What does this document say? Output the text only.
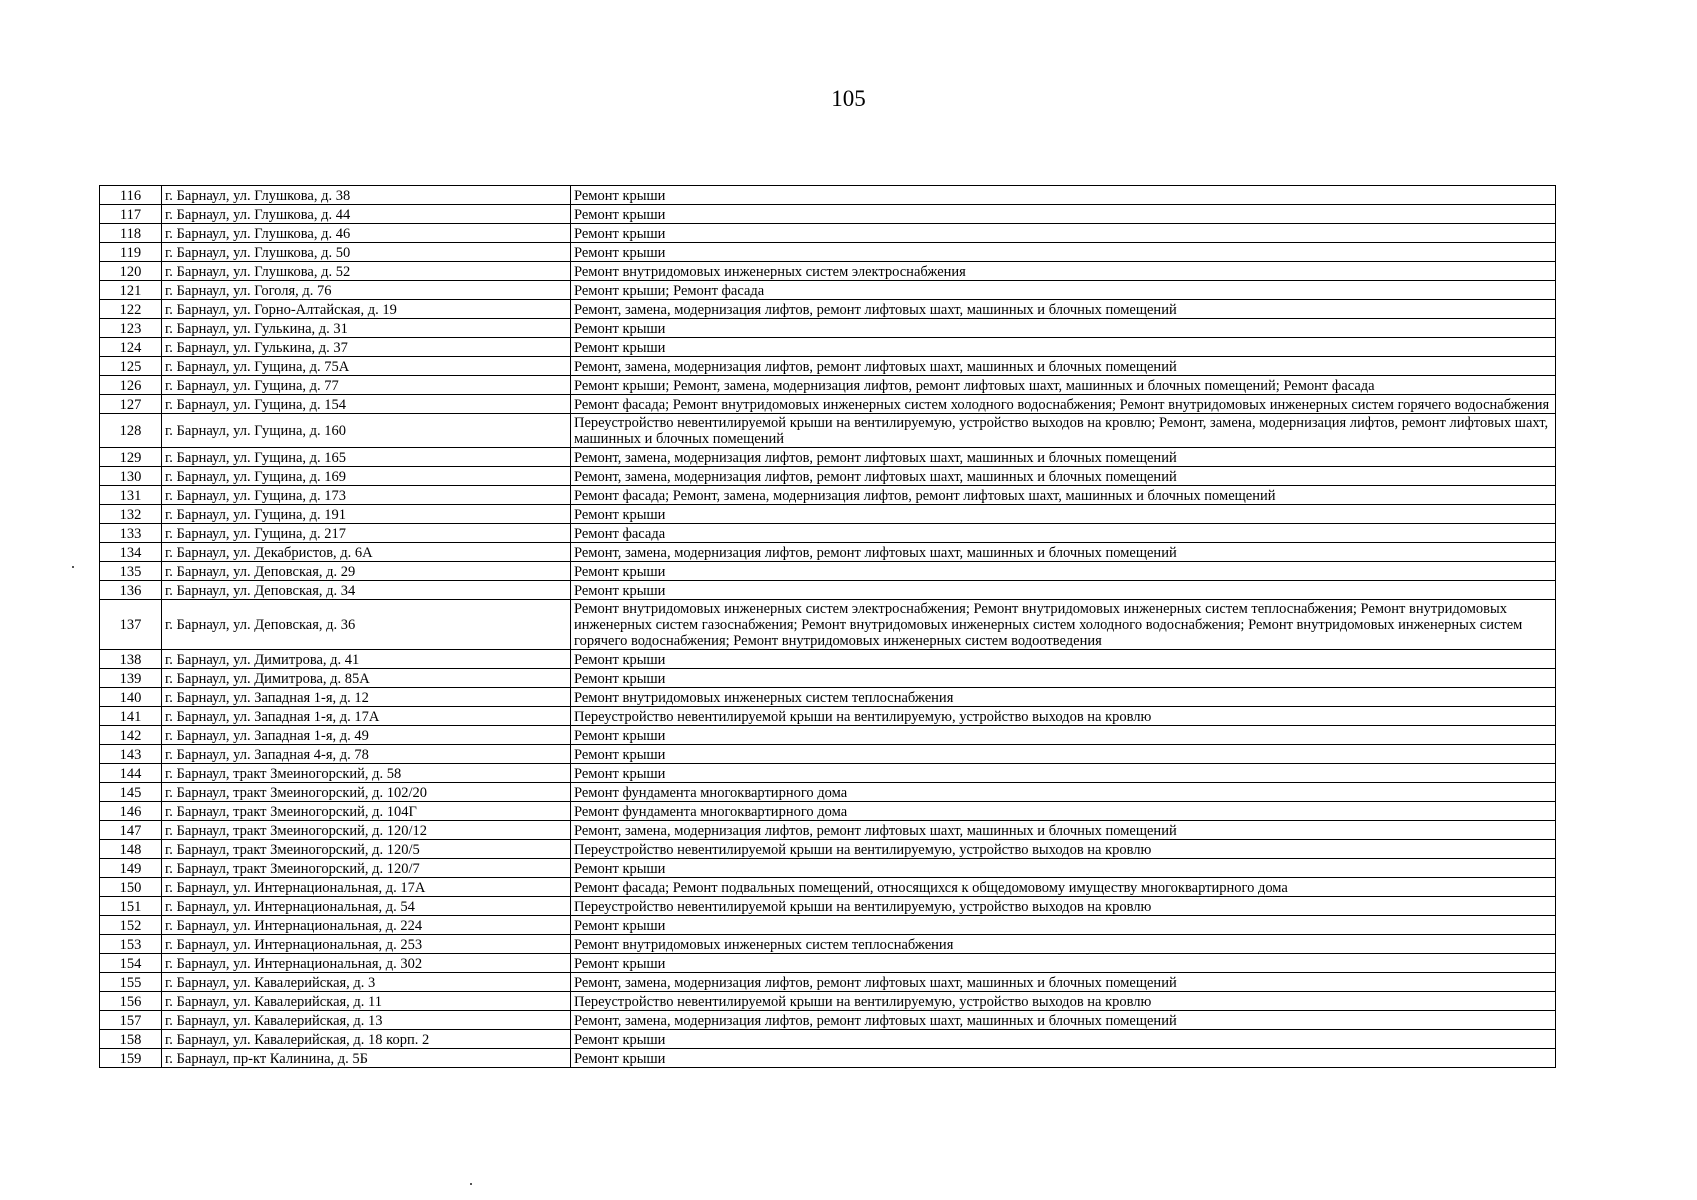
105
116	г. Барнаул, ул. Глушкова, д. 38	Ремонт крыши
117	г. Барнаул, ул. Глушкова, д. 44	Ремонт крыши
118	г. Барнаул, ул. Глушкова, д. 46	Ремонт крыши
119	г. Барнаул, ул. Глушкова, д. 50	Ремонт крыши
120	г. Барнаул, ул. Глушкова, д. 52	Ремонт внутридомовых инженерных систем электроснабжения
121	г. Барнаул, ул. Гоголя, д. 76	Ремонт крыши; Ремонт фасада
122	г. Барнаул, ул. Горно-Алтайская, д. 19	Ремонт, замена, модернизация лифтов, ремонт лифтовых шахт, машинных и блочных помещений
123	г. Барнаул, ул. Гулькина, д. 31	Ремонт крыши
124	г. Барнаул, ул. Гулькина, д. 37	Ремонт крыши
125	г. Барнаул, ул. Гущина, д. 75А	Ремонт, замена, модернизация лифтов, ремонт лифтовых шахт, машинных и блочных помещений
126	г. Барнаул, ул. Гущина, д. 77	Ремонт крыши; Ремонт, замена, модернизация лифтов, ремонт лифтовых шахт, машинных и блочных помещений; Ремонт фасада
127	г. Барнаул, ул. Гущина, д. 154	Ремонт фасада; Ремонт внутридомовых инженерных систем холодного водоснабжения; Ремонт внутридомовых инженерных систем горячего водоснабжения
128	г. Барнаул, ул. Гущина, д. 160	Переустройство невентилируемой крыши на вентилируемую, устройство выходов на кровлю; Ремонт, замена, модернизация лифтов, ремонт лифтовых шахт, машинных и блочных помещений
129	г. Барнаул, ул. Гущина, д. 165	Ремонт, замена, модернизация лифтов, ремонт лифтовых шахт, машинных и блочных помещений
130	г. Барнаул, ул. Гущина, д. 169	Ремонт, замена, модернизация лифтов, ремонт лифтовых шахт, машинных и блочных помещений
131	г. Барнаул, ул. Гущина, д. 173	Ремонт фасада; Ремонт, замена, модернизация лифтов, ремонт лифтовых шахт, машинных и блочных помещений
132	г. Барнаул, ул. Гущина, д. 191	Ремонт крыши
133	г. Барнаул, ул. Гущина, д. 217	Ремонт фасада
134	г. Барнаул, ул. Декабристов, д. 6А	Ремонт, замена, модернизация лифтов, ремонт лифтовых шахт, машинных и блочных помещений
135	г. Барнаул, ул. Деповская, д. 29	Ремонт крыши
136	г. Барнаул, ул. Деповская, д. 34	Ремонт крыши
137	г. Барнаул, ул. Деповская, д. 36	Ремонт внутридомовых инженерных систем электроснабжения; Ремонт внутридомовых инженерных систем теплоснабжения; Ремонт внутридомовых инженерных систем газоснабжения; Ремонт внутридомовых инженерных систем холодного водоснабжения; Ремонт внутридомовых инженерных систем горячего водоснабжения; Ремонт внутридомовых инженерных систем водоотведения
138	г. Барнаул, ул. Димитрова, д. 41	Ремонт крыши
139	г. Барнаул, ул. Димитрова, д. 85А	Ремонт крыши
140	г. Барнаул, ул. Западная 1-я, д. 12	Ремонт внутридомовых инженерных систем теплоснабжения
141	г. Барнаул, ул. Западная 1-я, д. 17А	Переустройство невентилируемой крыши на вентилируемую, устройство выходов на кровлю
142	г. Барнаул, ул. Западная 1-я, д. 49	Ремонт крыши
143	г. Барнаул, ул. Западная 4-я, д. 78	Ремонт крыши
144	г. Барнаул, тракт Змеиногорский, д. 58	Ремонт крыши
145	г. Барнаул, тракт Змеиногорский, д. 102/20	Ремонт фундамента многоквартирного дома
146	г. Барнаул, тракт Змеиногорский, д. 104Г	Ремонт фундамента многоквартирного дома
147	г. Барнаул, тракт Змеиногорский, д. 120/12	Ремонт, замена, модернизация лифтов, ремонт лифтовых шахт, машинных и блочных помещений
148	г. Барнаул, тракт Змеиногорский, д. 120/5	Переустройство невентилируемой крыши на вентилируемую, устройство выходов на кровлю
149	г. Барнаул, тракт Змеиногорский, д. 120/7	Ремонт крыши
150	г. Барнаул, ул. Интернациональная, д. 17А	Ремонт фасада; Ремонт подвальных помещений, относящихся к общедомовому имуществу многоквартирного дома
151	г. Барнаул, ул. Интернациональная, д. 54	Переустройство невентилируемой крыши на вентилируемую, устройство выходов на кровлю
152	г. Барнаул, ул. Интернациональная, д. 224	Ремонт крыши
153	г. Барнаул, ул. Интернациональная, д. 253	Ремонт внутридомовых инженерных систем теплоснабжения
154	г. Барнаул, ул. Интернациональная, д. 302	Ремонт крыши
155	г. Барнаул, ул. Кавалерийская, д. 3	Ремонт, замена, модернизация лифтов, ремонт лифтовых шахт, машинных и блочных помещений
156	г. Барнаул, ул. Кавалерийская, д. 11	Переустройство невентилируемой крыши на вентилируемую, устройство выходов на кровлю
157	г. Барнаул, ул. Кавалерийская, д. 13	Ремонт, замена, модернизация лифтов, ремонт лифтовых шахт, машинных и блочных помещений
158	г. Барнаул, ул. Кавалерийская, д. 18 корп. 2	Ремонт крыши
159	г. Барнаул, пр-кт Калинина, д. 5Б	Ремонт крыши
